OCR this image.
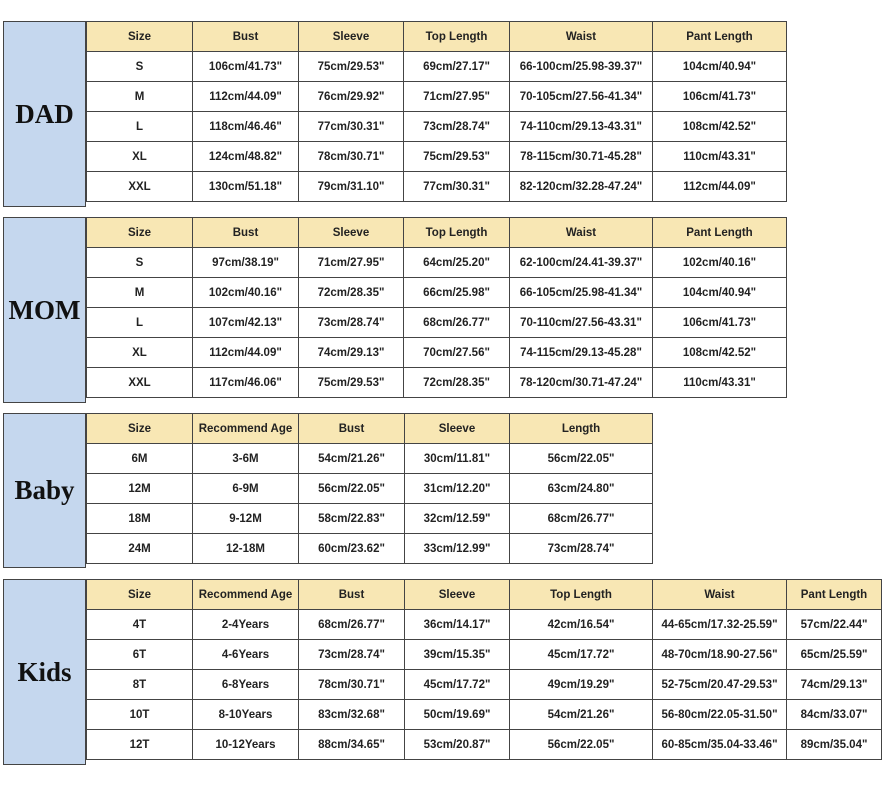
DAD
Size	Bust	Sleeve	Top Length	Waist	Pant Length
S	106cm/41.73"	75cm/29.53"	69cm/27.17"	66-100cm/25.98-39.37"	104cm/40.94"
M	112cm/44.09"	76cm/29.92"	71cm/27.95"	70-105cm/27.56-41.34"	106cm/41.73"
L	118cm/46.46"	77cm/30.31"	73cm/28.74"	74-110cm/29.13-43.31"	108cm/42.52"
XL	124cm/48.82"	78cm/30.71"	75cm/29.53"	78-115cm/30.71-45.28"	110cm/43.31"
XXL	130cm/51.18"	79cm/31.10"	77cm/30.31"	82-120cm/32.28-47.24"	112cm/44.09"
MOM
Size	Bust	Sleeve	Top Length	Waist	Pant Length
S	97cm/38.19"	71cm/27.95"	64cm/25.20"	62-100cm/24.41-39.37"	102cm/40.16"
M	102cm/40.16"	72cm/28.35"	66cm/25.98"	66-105cm/25.98-41.34"	104cm/40.94"
L	107cm/42.13"	73cm/28.74"	68cm/26.77"	70-110cm/27.56-43.31"	106cm/41.73"
XL	112cm/44.09"	74cm/29.13"	70cm/27.56"	74-115cm/29.13-45.28"	108cm/42.52"
XXL	117cm/46.06"	75cm/29.53"	72cm/28.35"	78-120cm/30.71-47.24"	110cm/43.31"
Baby
Size	Recommend Age	Bust	Sleeve	Length
6M	3-6M	54cm/21.26"	30cm/11.81"	56cm/22.05"
12M	6-9M	56cm/22.05"	31cm/12.20"	63cm/24.80"
18M	9-12M	58cm/22.83"	32cm/12.59"	68cm/26.77"
24M	12-18M	60cm/23.62"	33cm/12.99"	73cm/28.74"
Kids
Size	Recommend Age	Bust	Sleeve	Top Length	Waist	Pant Length
4T	2-4Years	68cm/26.77"	36cm/14.17"	42cm/16.54"	44-65cm/17.32-25.59"	57cm/22.44"
6T	4-6Years	73cm/28.74"	39cm/15.35"	45cm/17.72"	48-70cm/18.90-27.56"	65cm/25.59"
8T	6-8Years	78cm/30.71"	45cm/17.72"	49cm/19.29"	52-75cm/20.47-29.53"	74cm/29.13"
10T	8-10Years	83cm/32.68"	50cm/19.69"	54cm/21.26"	56-80cm/22.05-31.50"	84cm/33.07"
12T	10-12Years	88cm/34.65"	53cm/20.87"	56cm/22.05"	60-85cm/35.04-33.46"	89cm/35.04"
